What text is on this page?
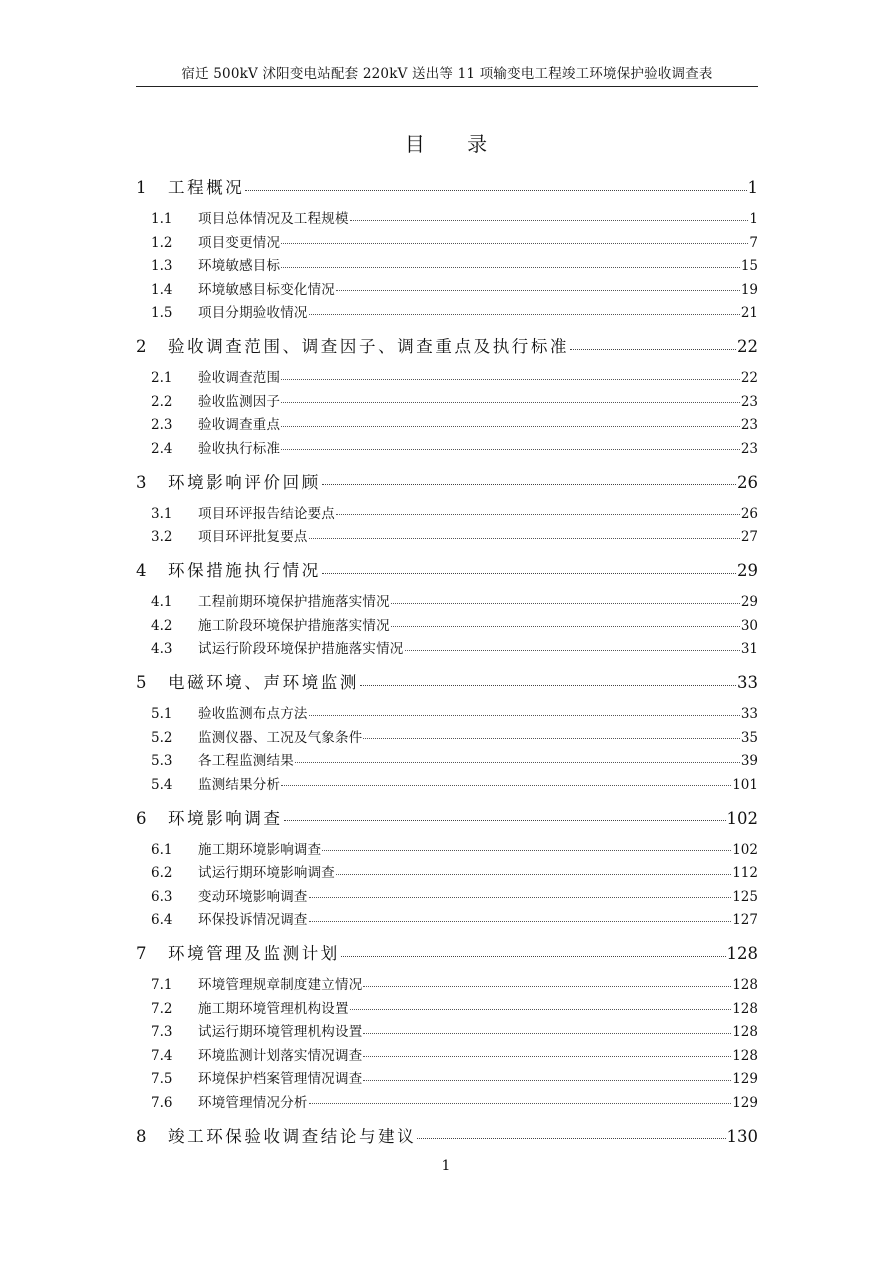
宿迁 500kV 沭阳变电站配套 220kV 送出等 11 项输变电工程竣工环境保护验收调查表
目 录
1	工程概况	1
1.1	项目总体情况及工程规模	1
1.2	项目变更情况	7
1.3	环境敏感目标	15
1.4	环境敏感目标变化情况	19
1.5	项目分期验收情况	21
2	验收调查范围、调查因子、调查重点及执行标准	22
2.1	验收调查范围	22
2.2	验收监测因子	23
2.3	验收调查重点	23
2.4	验收执行标准	23
3	环境影响评价回顾	26
3.1	项目环评报告结论要点	26
3.2	项目环评批复要点	27
4	环保措施执行情况	29
4.1	工程前期环境保护措施落实情况	29
4.2	施工阶段环境保护措施落实情况	30
4.3	试运行阶段环境保护措施落实情况	31
5	电磁环境、声环境监测	33
5.1	验收监测布点方法	33
5.2	监测仪器、工况及气象条件	35
5.3	各工程监测结果	39
5.4	监测结果分析	101
6	环境影响调查	102
6.1	施工期环境影响调查	102
6.2	试运行期环境影响调查	112
6.3	变动环境影响调查	125
6.4	环保投诉情况调查	127
7	环境管理及监测计划	128
7.1	环境管理规章制度建立情况	128
7.2	施工期环境管理机构设置	128
7.3	试运行期环境管理机构设置	128
7.4	环境监测计划落实情况调查	128
7.5	环境保护档案管理情况调查	129
7.6	环境管理情况分析	129
8	竣工环保验收调查结论与建议	130
1
